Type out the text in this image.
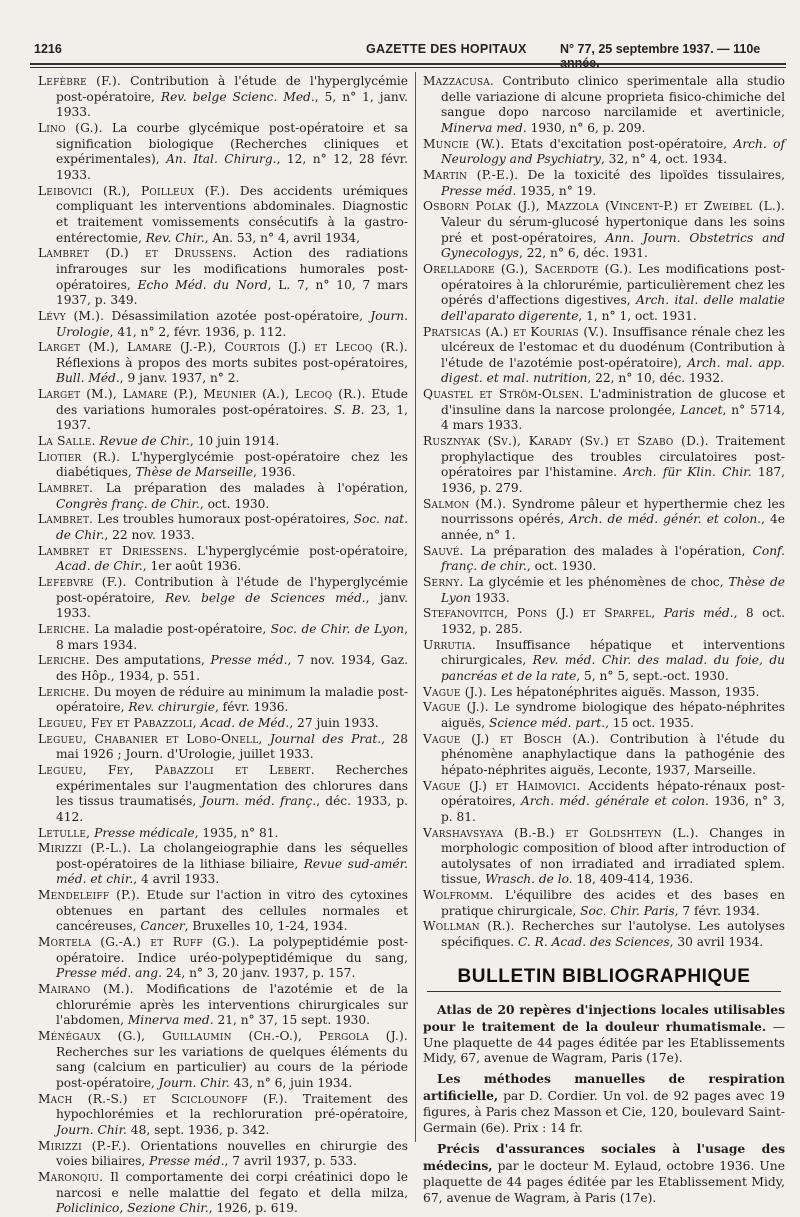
1216	GAZETTE DES HOPITAUX	N° 77, 25 septembre 1937. — 110e année.

Lefèbre (F.). Contribution à l'étude de l'hyperglycémie post-opératoire, Rev. belge Scienc. Med., 5, n° 1, janv. 1933.

Lino (G.). La courbe glycémique post-opératoire et sa signification biologique (Recherches cliniques et expérimentales), An. Ital. Chirurg., 12, n° 12, 28 févr. 1933.

Leibovici (R.), Poilleux (F.). Des accidents urémiques compliquant les interventions abdominales. Diagnostic et traitement vomissements consécutifs à la gastro-entérectomie, Rev. Chir., An. 53, n° 4, avril 1934,

Lambret (D.) et Drussens. Action des radiations infrarouges sur les modifications humorales post-opératoires, Echo Méd. du Nord, L. 7, n° 10, 7 mars 1937, p. 349.

Lévy (M.). Désassimilation azotée post-opératoire, Journ. Urologie, 41, n° 2, févr. 1936, p. 112.

Larget (M.), Lamare (J.-P.), Courtois (J.) et Lecoq (R.). Réflexions à propos des morts subites post-opératoires, Bull. Méd., 9 janv. 1937, n° 2.

Larget (M.), Lamare (P.), Meunier (A.), Lecoq (R.). Etude des variations humorales post-opératoires. S. B. 23, 1, 1937.

La Salle. Revue de Chir., 10 juin 1914.

Liotier (R.). L'hyperglycémie post-opératoire chez les diabétiques, Thèse de Marseille, 1936.

Lambret. La préparation des malades à l'opération, Congrès franç. de Chir., oct. 1930.

Lambret. Les troubles humoraux post-opératoires, Soc. nat. de Chir., 22 nov. 1933.

Lambret et Driessens. L'hyperglycémie post-opératoire, Acad. de Chir., 1er août 1936.

Lefebvre (F.). Contribution à l'étude de l'hyperglycémie post-opératoire, Rev. belge de Sciences méd., janv. 1933.

Leriche. La maladie post-opératoire, Soc. de Chir. de Lyon, 8 mars 1934.

Leriche. Des amputations, Presse méd., 7 nov. 1934, Gaz. des Hôp., 1934, p. 551.

Leriche. Du moyen de réduire au minimum la maladie post-opératoire, Rev. chirurgie, févr. 1936.

Legueu, Fey et Pabazzoli, Acad. de Méd., 27 juin 1933.

Legueu, Chabanier et Lobo-Onell, Journal des Prat., 28 mai 1926 ; Journ. d'Urologie, juillet 1933.

Legueu, Fey, Pabazzoli et Lebert. Recherches expérimentales sur l'augmentation des chlorures dans les tissus traumatisés, Journ. méd. franç., déc. 1933, p. 412.

Letulle, Presse médicale, 1935, n° 81.

Mirizzi (P.-L.). La cholangeiographie dans les séquelles post-opératoires de la lithiase biliaire, Revue sud-amér. méd. et chir., 4 avril 1933.

Mendeleiff (P.). Etude sur l'action in vitro des cytoxines obtenues en partant des cellules normales et cancéreuses, Cancer, Bruxelles 10, 1-24, 1934.

Mortela (G.-A.) et Ruff (G.). La polypeptidémie post-opératoire. Indice uréo-polypeptidémique du sang, Presse méd. ang. 24, n° 3, 20 janv. 1937, p. 157.

Mairano (M.). Modifications de l'azotémie et de la chlorurémie après les interventions chirurgicales sur l'abdomen, Minerva med. 21, n° 37, 15 sept. 1930.

Ménégaux (G.), Guillaumin (Ch.-O.), Pergola (J.). Recherches sur les variations de quelques éléments du sang (calcium en particulier) au cours de la période post-opératoire, Journ. Chir. 43, n° 6, juin 1934.

Mach (R.-S.) et Sciclounoff (F.). Traitement des hypochlorémies et la rechloruration pré-opératoire, Journ. Chir. 48, sept. 1936, p. 342.

Mirizzi (P.-F.). Orientations nouvelles en chirurgie des voies biliaires, Presse méd., 7 avril 1937, p. 533.

Maronqiu. Il comportamente dei corpi créatinici dopo le narcosi e nelle malattie del fegato et della milza, Policlinico, Sezione Chir., 1926, p. 619.

Mazzacusa. Contributo clinico sperimentale alla studio delle variazione di alcune proprieta fisico-chimiche del sangue dopo narcoso narcilamide et avertinicle, Minerva med. 1930, n° 6, p. 209.

Muncie (W.). Etats d'excitation post-opératoire, Arch. of Neurology and Psychiatry, 32, n° 4, oct. 1934.

Martin (P.-E.). De la toxicité des lipoïdes tissulaires, Presse méd. 1935, n° 19.

Osborn Polak (J.), Mazzola (Vincent-P.) et Zweibel (L.). Valeur du sérum-glucosé hypertonique dans les soins pré et post-opératoires, Ann. Journ. Obstetrics and Gynecologys, 22, n° 6, déc. 1931.

Orelladore (G.), Sacerdote (G.). Les modifications post-opératoires à la chlorurémie, particulièrement chez les opérés d'affections digestives, Arch. ital. delle malatie dell'aparato digerente, 1, n° 1, oct. 1931.

Pratsicas (A.) et Kourias (V.). Insuffisance rénale chez les ulcéreux de l'estomac et du duodénum (Contribution à l'étude de l'azotémie post-opératoire), Arch. mal. app. digest. et mal. nutrition, 22, n° 10, déc. 1932.

Quastel et Ström-Olsen. L'administration de glucose et d'insuline dans la narcose prolongée, Lancet, n° 5714, 4 mars 1933.

Rusznyak (Sv.), Karady (Sv.) et Szabo (D.). Traitement prophylactique des troubles circulatoires post-opératoires par l'histamine. Arch. für Klin. Chir. 187, 1936, p. 279.

Salmon (M.). Syndrome pâleur et hyperthermie chez les nourrissons opérés, Arch. de méd. génér. et colon., 4e année, n° 1.

Sauvé. La préparation des malades à l'opération, Conf. franç. de chir., oct. 1930.

Serny. La glycémie et les phénomènes de choc, Thèse de Lyon 1933.

Stefanovitch, Pons (J.) et Sparfel, Paris méd., 8 oct. 1932, p. 285.

Urrutia. Insuffisance hépatique et interventions chirurgicales, Rev. méd. Chir. des malad. du foie, du pancréas et de la rate, 5, n° 5, sept.-oct. 1930.

Vague (J.). Les hépatonéphrites aiguës. Masson, 1935.

Vague (J.). Le syndrome biologique des hépato-néphrites aiguës, Science méd. part., 15 oct. 1935.

Vague (J.) et Bosch (A.). Contribution à l'étude du phénomène anaphylactique dans la pathogénie des hépato-néphrites aiguës, Leconte, 1937, Marseille.

Vague (J.) et Haimovici. Accidents hépato-rénaux post-opératoires, Arch. méd. générale et colon. 1936, n° 3, p. 81.

Varshavsyaya (B.-B.) et Goldshteyn (L.). Changes in morphologic composition of blood after introduction of autolysates of non irradiated and irradiated splem. tissue, Wrasch. de lo. 18, 409-414, 1936.

Wolfromm. L'équilibre des acides et des bases en pratique chirurgicale, Soc. Chir. Paris, 7 févr. 1934.

Wollman (R.). Recherches sur l'autolyse. Les autolyses spécifiques. C. R. Acad. des Sciences, 30 avril 1934.

BULLETIN BIBLIOGRAPHIQUE

Atlas de 20 repères d'injections locales utilisables pour le traitement de la douleur rhumatismale. — Une plaquette de 44 pages éditée par les Etablissements Midy, 67, avenue de Wagram, Paris (17e).

Les méthodes manuelles de respiration artificielle, par D. Cordier. Un vol. de 92 pages avec 19 figures, à Paris chez Masson et Cie, 120, boulevard Saint-Germain (6e). Prix : 14 fr.

Précis d'assurances sociales à l'usage des médecins, par le docteur M. Eylaud, octobre 1936. Une plaquette de 44 pages éditée par les Etablissement Midy, 67, avenue de Wagram, à Paris (17e).
